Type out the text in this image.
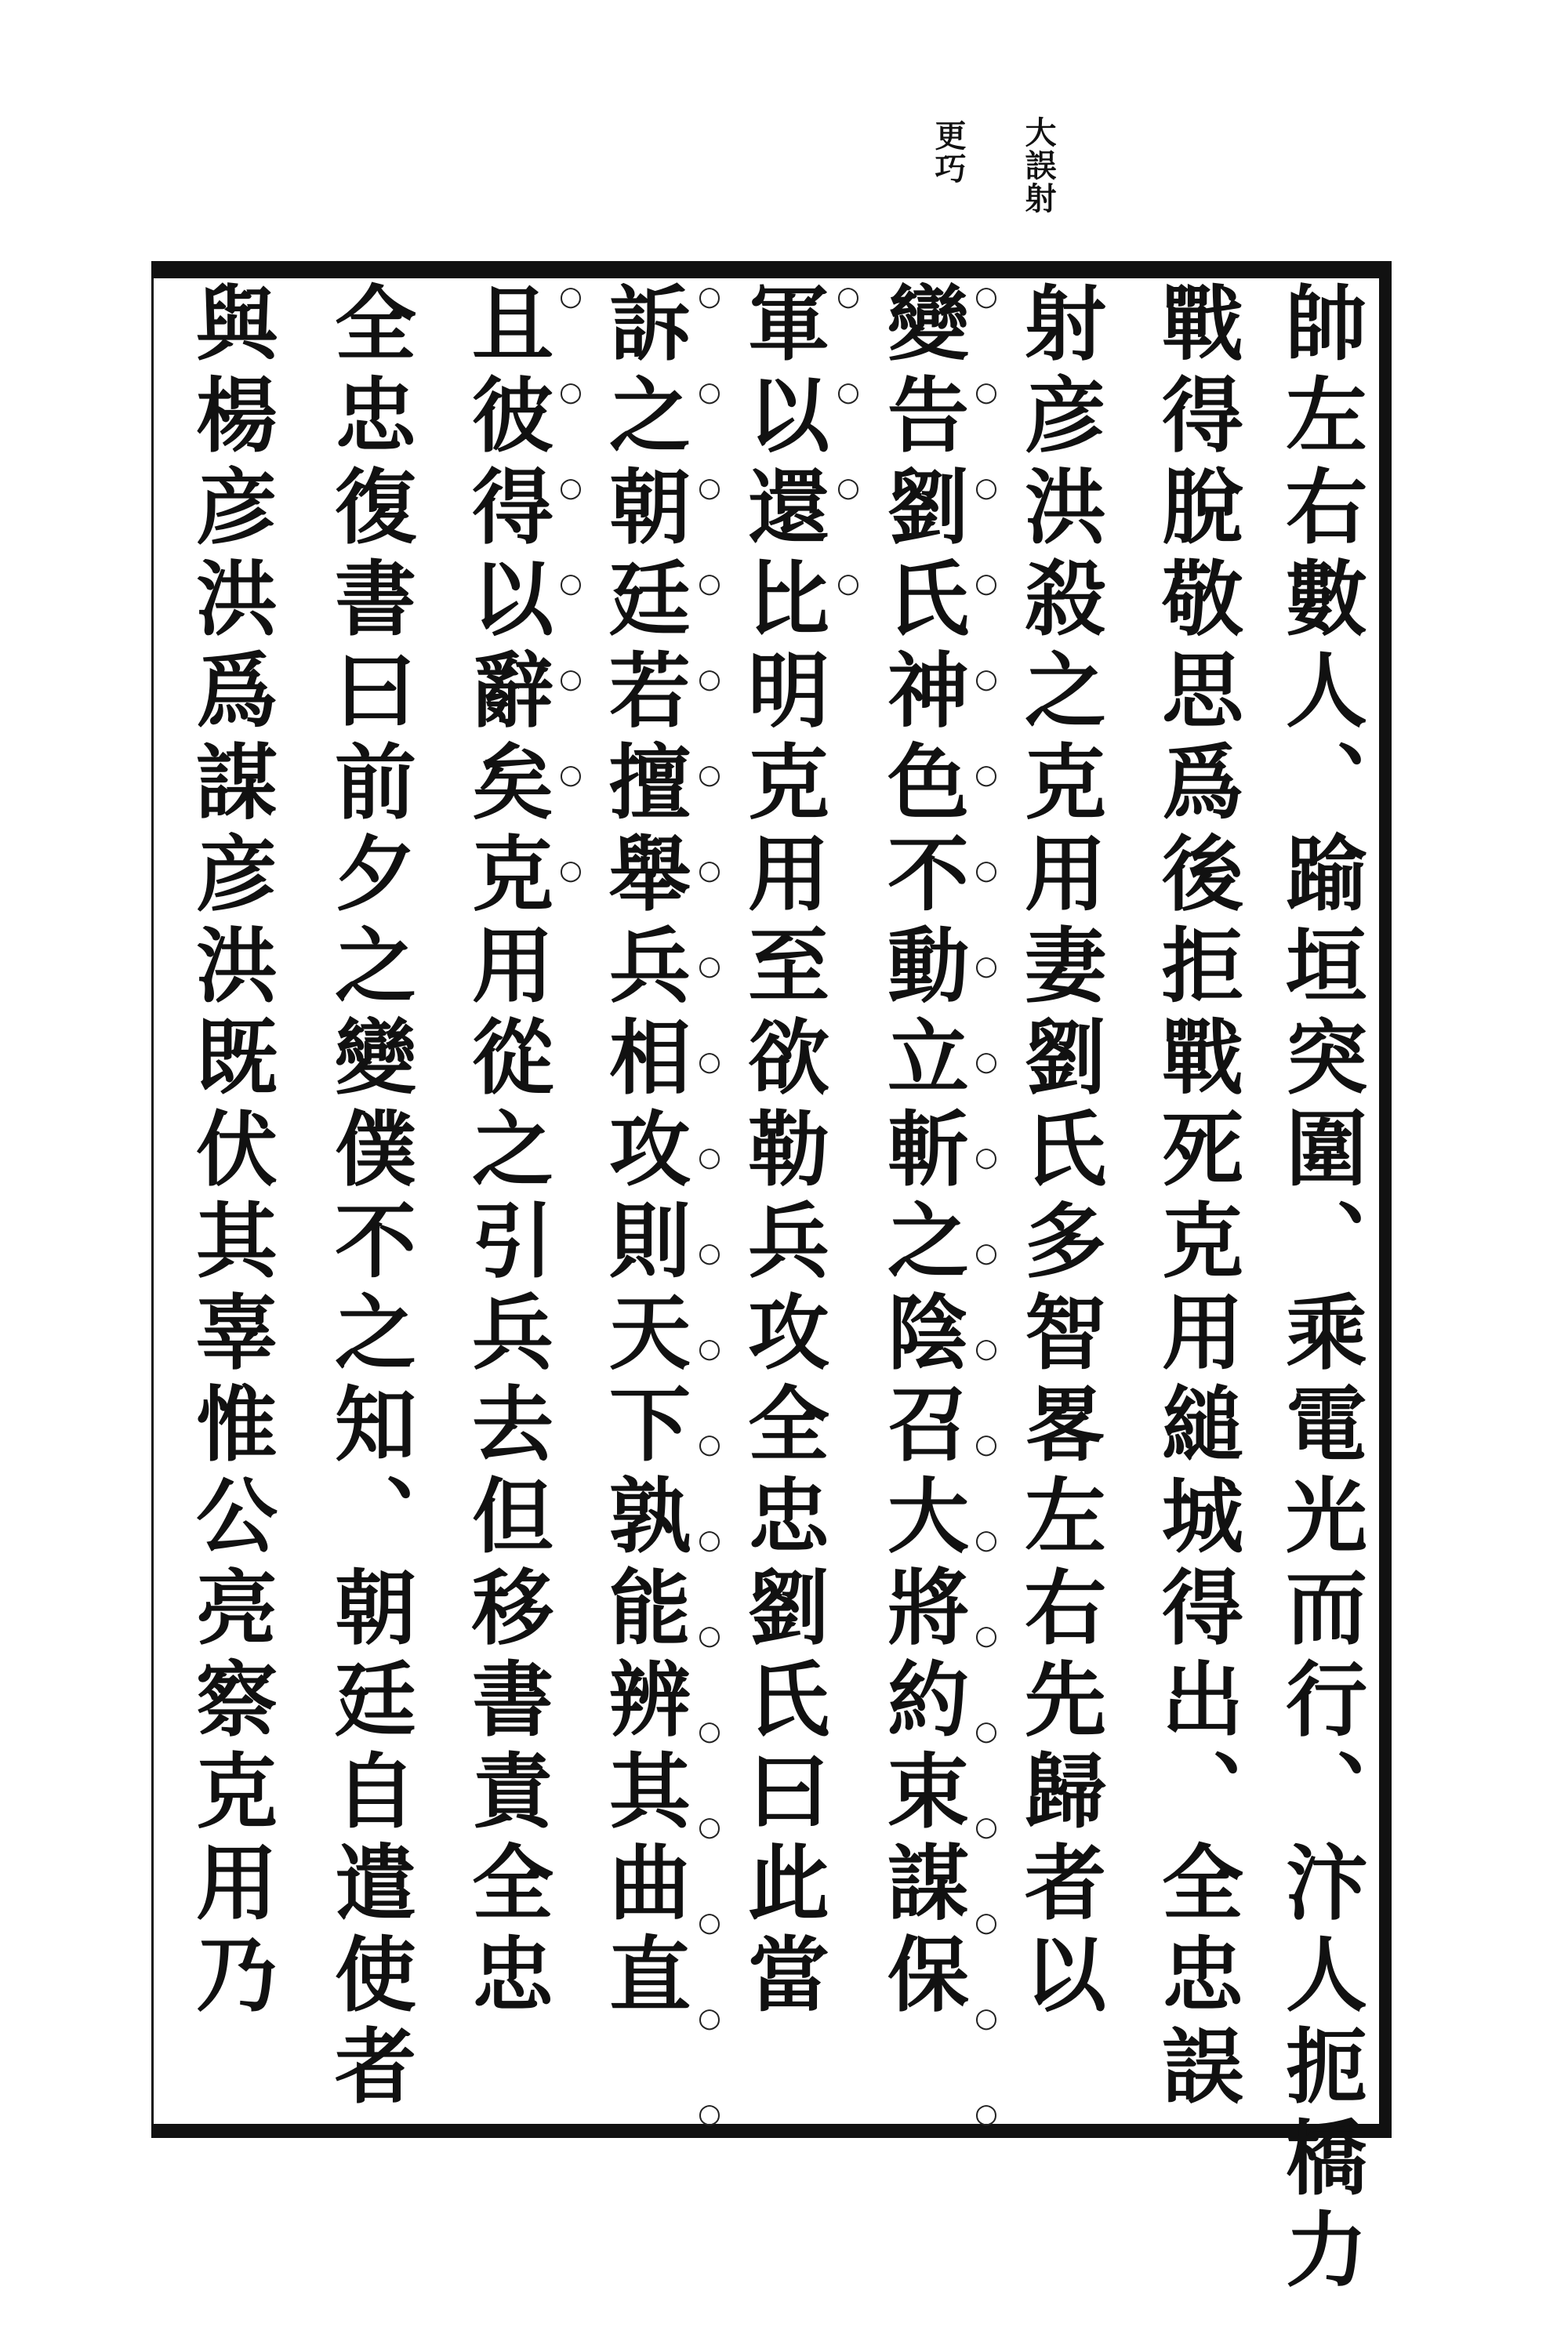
大誤射
更巧
帥左右數人、踰垣突圍、乘電光而行、汴人扼橋力
戰得脫敬思爲後拒戰死克用縋城得出、全忠誤
射彦洪殺之克用妻劉氏多智畧左右先歸者以
變告劉氏神色不動立斬之陰召大將約束謀保
軍以還比明克用至欲勒兵攻全忠劉氏曰此當
訴之朝廷若擅舉兵相攻則天下孰能辨其曲直
且彼得以辭矣克用從之引兵去但移書責全忠
全忠復書曰前夕之變僕不之知、朝廷自遣使者
與楊彦洪爲謀彦洪既伏其辜惟公亮察克用乃	○○○○○○○○○○○○○○○○○○○○
○○○○
○○○○○○○○○○○○○○○○○○○○
○○○○○○○
